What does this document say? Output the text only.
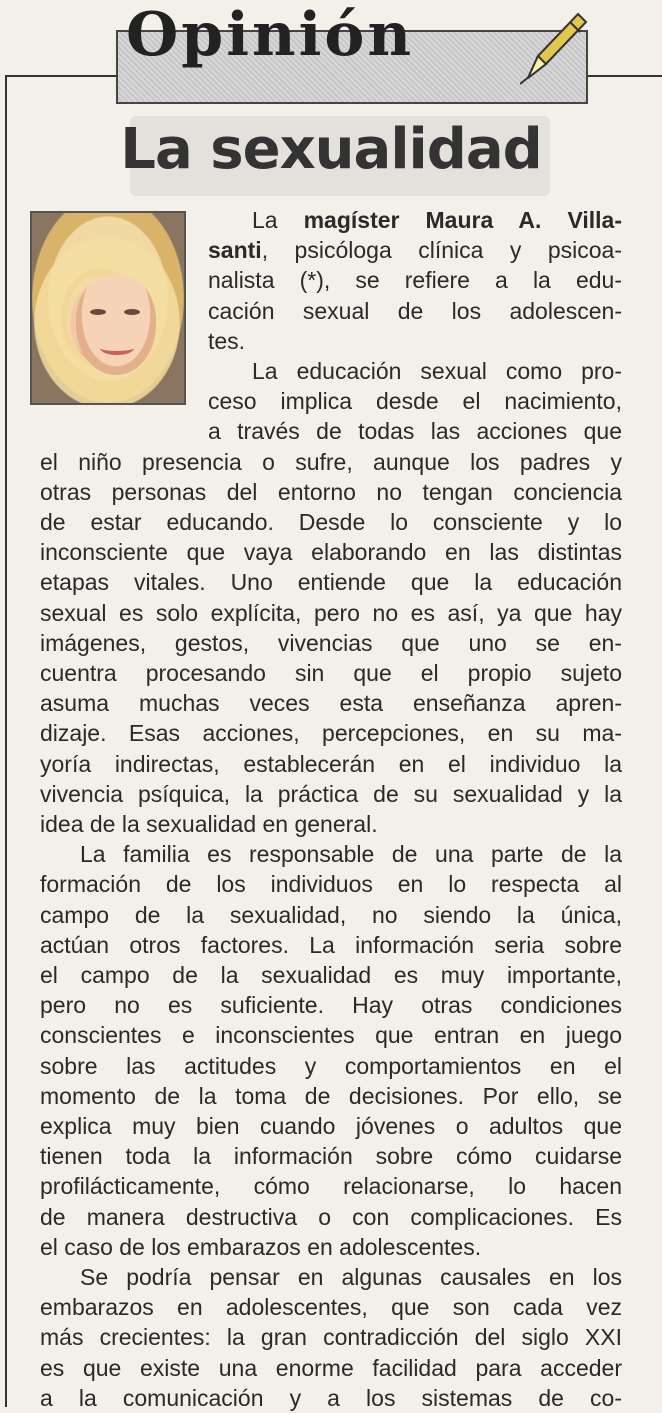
Opinión
La sexualidad
La magíster Maura A. Villa-
santi, psicóloga clínica y psicoa-
nalista (*), se refiere a la edu-
cación sexual de los adolescen-
tes.
La educación sexual como pro-
ceso implica desde el nacimiento,
a través de todas las acciones que
el niño presencia o sufre, aunque los padres y
otras personas del entorno no tengan conciencia
de estar educando. Desde lo consciente y lo
inconsciente que vaya elaborando en las distintas
etapas vitales. Uno entiende que la educación
sexual es solo explícita, pero no es así, ya que hay
imágenes, gestos, vivencias que uno se en-
cuentra procesando sin que el propio sujeto
asuma muchas veces esta enseñanza apren-
dizaje. Esas acciones, percepciones, en su ma-
yoría indirectas, establecerán en el individuo la
vivencia psíquica, la práctica de su sexualidad y la
idea de la sexualidad en general.
La familia es responsable de una parte de la
formación de los individuos en lo respecta al
campo de la sexualidad, no siendo la única,
actúan otros factores. La información seria sobre
el campo de la sexualidad es muy importante,
pero no es suficiente. Hay otras condiciones
conscientes e inconscientes que entran en juego
sobre las actitudes y comportamientos en el
momento de la toma de decisiones. Por ello, se
explica muy bien cuando jóvenes o adultos que
tienen toda la información sobre cómo cuidarse
profilácticamente, cómo relacionarse, lo hacen
de manera destructiva o con complicaciones. Es
el caso de los embarazos en adolescentes.
Se podría pensar en algunas causales en los
embarazos en adolescentes, que son cada vez
más crecientes: la gran contradicción del siglo XXI
es que existe una enorme facilidad para acceder
a la comunicación y a los sistemas de co-
